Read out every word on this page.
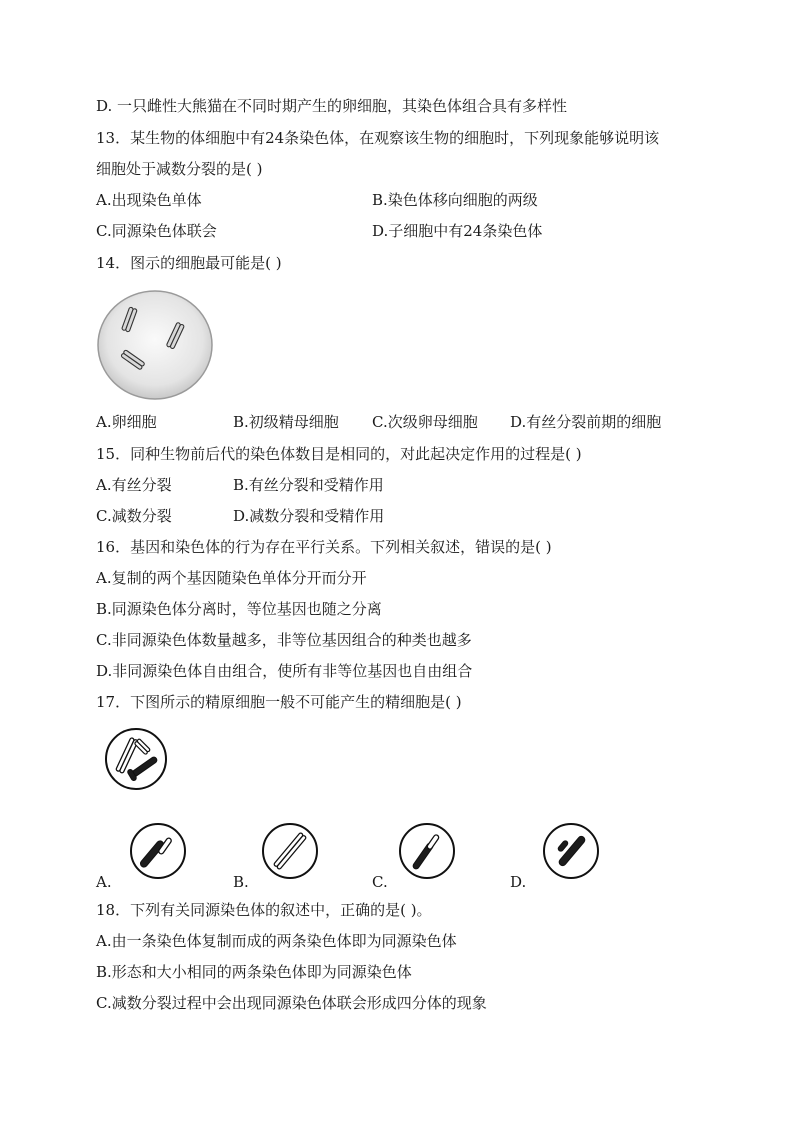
D. 一只雌性大熊猫在不同时期产生的卵细胞，其染色体组合具有多样性
13．某生物的体细胞中有24条染色体，在观察该生物的细胞时，下列现象能够说明该
细胞处于减数分裂的是( )
A.出现染色单体	B.染色体移向细胞的两级
C.同源染色体联会	D.子细胞中有24条染色体
14．图示的细胞最可能是( )
A.卵细胞	B.初级精母细胞 C.次级卵母细胞 D.有丝分裂前期的细胞
15．同种生物前后代的染色体数目是相同的，对此起决定作用的过程是( )
A.有丝分裂	B.有丝分裂和受精作用
C.减数分裂	D.减数分裂和受精作用
16．基因和染色体的行为存在平行关系。下列相关叙述，错误的是( )
A.复制的两个基因随染色单体分开而分开
B.同源染色体分离时，等位基因也随之分离
C.非同源染色体数量越多，非等位基因组合的种类也越多
D.非同源染色体自由组合，使所有非等位基因也自由组合
17．下图所示的精原细胞一般不可能产生的精细胞是( )
A.	B.	C.	D.
18．下列有关同源染色体的叙述中，正确的是( )。
A.由一条染色体复制而成的两条染色体即为同源染色体
B.形态和大小相同的两条染色体即为同源染色体
C.减数分裂过程中会出现同源染色体联会形成四分体的现象
